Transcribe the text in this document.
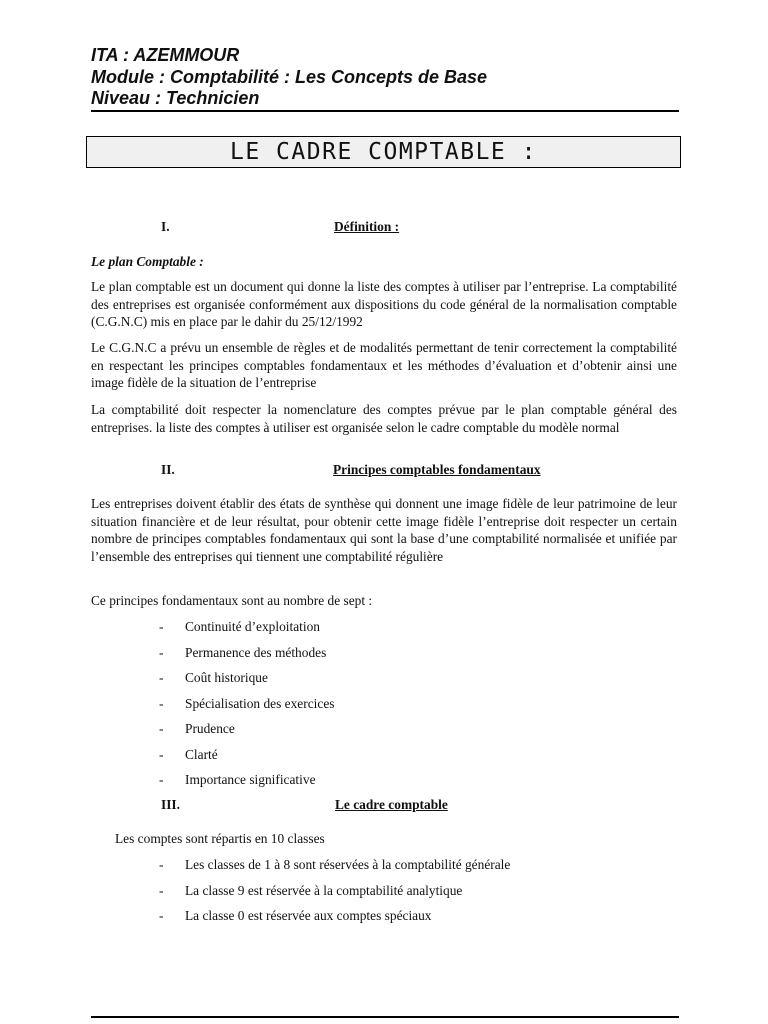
ITA : AZEMMOUR
Module : Comptabilité : Les Concepts de Base
Niveau : Technicien
LE CADRE COMPTABLE :
I.	Définition :
Le plan Comptable :
Le plan comptable est un document qui donne la liste des comptes à utiliser par l’entreprise. La comptabilité des entreprises est organisée conformément aux dispositions du code général de la normalisation comptable (C.G.N.C) mis en place par le dahir du 25/12/1992
Le C.G.N.C a prévu un ensemble de règles et de modalités permettant de tenir correctement la comptabilité en respectant les principes comptables fondamentaux et les méthodes d’évaluation et d’obtenir ainsi une image fidèle de la situation de l’entreprise
La comptabilité doit respecter la nomenclature des comptes prévue par le plan comptable général des entreprises. la liste des comptes à utiliser est organisée selon le cadre comptable du modèle normal
II.	Principes comptables fondamentaux
Les entreprises doivent établir des états de synthèse qui donnent une image fidèle de leur patrimoine de leur situation financière et de leur résultat, pour obtenir cette image fidèle l’entreprise doit respecter un certain nombre de principes comptables fondamentaux qui sont la base d’une comptabilité normalisée et unifiée par l’ensemble des entreprises qui tiennent une comptabilité régulière
Ce principes fondamentaux sont au nombre de sept :
-	Continuité d’exploitation
-	Permanence des méthodes
-	Coût historique
-	Spécialisation des exercices
-	Prudence
-	Clarté
-	Importance significative
III.	Le cadre comptable
Les comptes sont répartis en 10 classes
-	Les classes de 1 à 8 sont réservées à la comptabilité générale
-	La classe 9 est réservée à la comptabilité analytique
-	La classe 0 est réservée aux comptes spéciaux
